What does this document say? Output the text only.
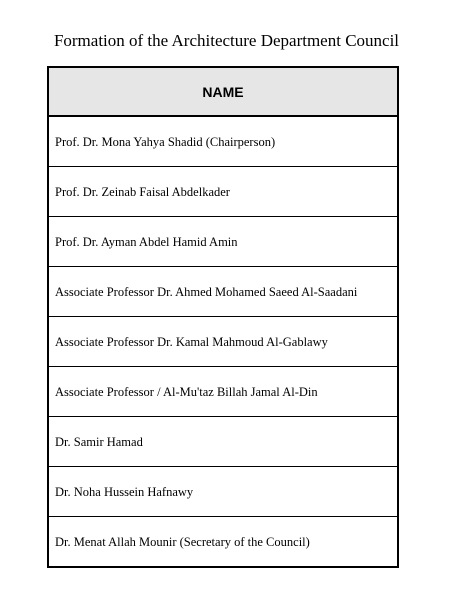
Formation of the Architecture Department Council
NAME
Prof. Dr. Mona Yahya Shadid (Chairperson)
Prof. Dr. Zeinab Faisal Abdelkader
Prof. Dr. Ayman Abdel Hamid Amin
Associate Professor Dr. Ahmed Mohamed Saeed Al-Saadani
Associate Professor Dr. Kamal Mahmoud Al-Gablawy
Associate Professor / Al-Mu'taz Billah Jamal Al-Din
Dr. Samir Hamad
Dr. Noha Hussein Hafnawy
Dr. Menat Allah Mounir (Secretary of the Council)
